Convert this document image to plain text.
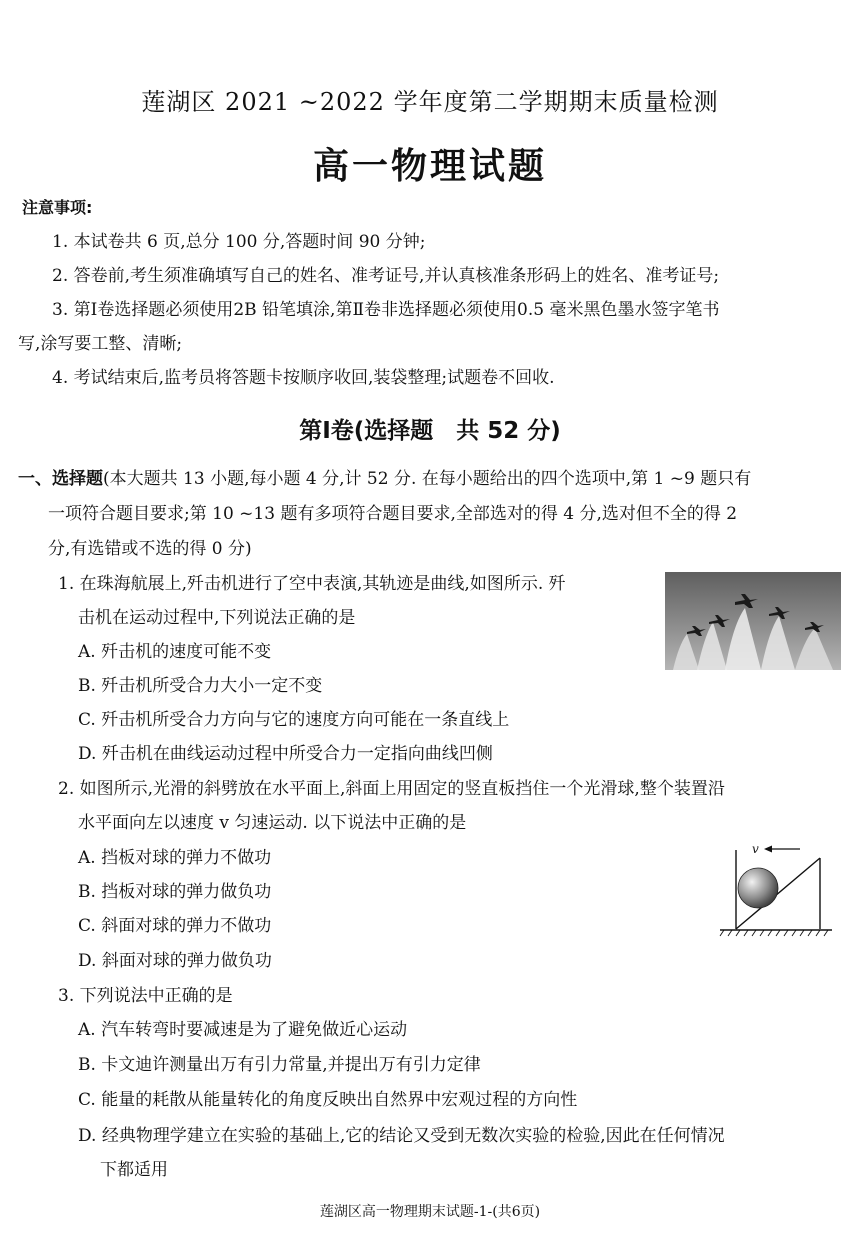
莲湖区 2021 ~2022 学年度第二学期期末质量检测
高一物理试题
注意事项:
1. 本试卷共 6 页,总分 100 分,答题时间 90 分钟;
2. 答卷前,考生须准确填写自己的姓名、准考证号,并认真核准条形码上的姓名、准考证号;
3. 第Ⅰ卷选择题必须使用2B 铅笔填涂,第Ⅱ卷非选择题必须使用0.5 毫米黑色墨水签字笔书
写,涂写要工整、清晰;
4. 考试结束后,监考员将答题卡按顺序收回,装袋整理;试题卷不回收.
第Ⅰ卷(选择题　共 52 分)
一、选择题(本大题共 13 小题,每小题 4 分,计 52 分. 在每小题给出的四个选项中,第 1 ~9 题只有
一项符合题目要求;第 10 ~13 题有多项符合题目要求,全部选对的得 4 分,选对但不全的得 2
分,有选错或不选的得 0 分)
1. 在珠海航展上,歼击机进行了空中表演,其轨迹是曲线,如图所示. 歼
击机在运动过程中,下列说法正确的是
A. 歼击机的速度可能不变
B. 歼击机所受合力大小一定不变
C. 歼击机所受合力方向与它的速度方向可能在一条直线上
D. 歼击机在曲线运动过程中所受合力一定指向曲线凹侧
2. 如图所示,光滑的斜劈放在水平面上,斜面上用固定的竖直板挡住一个光滑球,整个装置沿
水平面向左以速度 v 匀速运动. 以下说法中正确的是
A. 挡板对球的弹力不做功
B. 挡板对球的弹力做负功
C. 斜面对球的弹力不做功
D. 斜面对球的弹力做负功
v
3. 下列说法中正确的是
A. 汽车转弯时要减速是为了避免做近心运动
B. 卡文迪许测量出万有引力常量,并提出万有引力定律
C. 能量的耗散从能量转化的角度反映出自然界中宏观过程的方向性
D. 经典物理学建立在实验的基础上,它的结论又受到无数次实验的检验,因此在任何情况
下都适用
莲湖区高一物理期末试题-1-(共6页)
